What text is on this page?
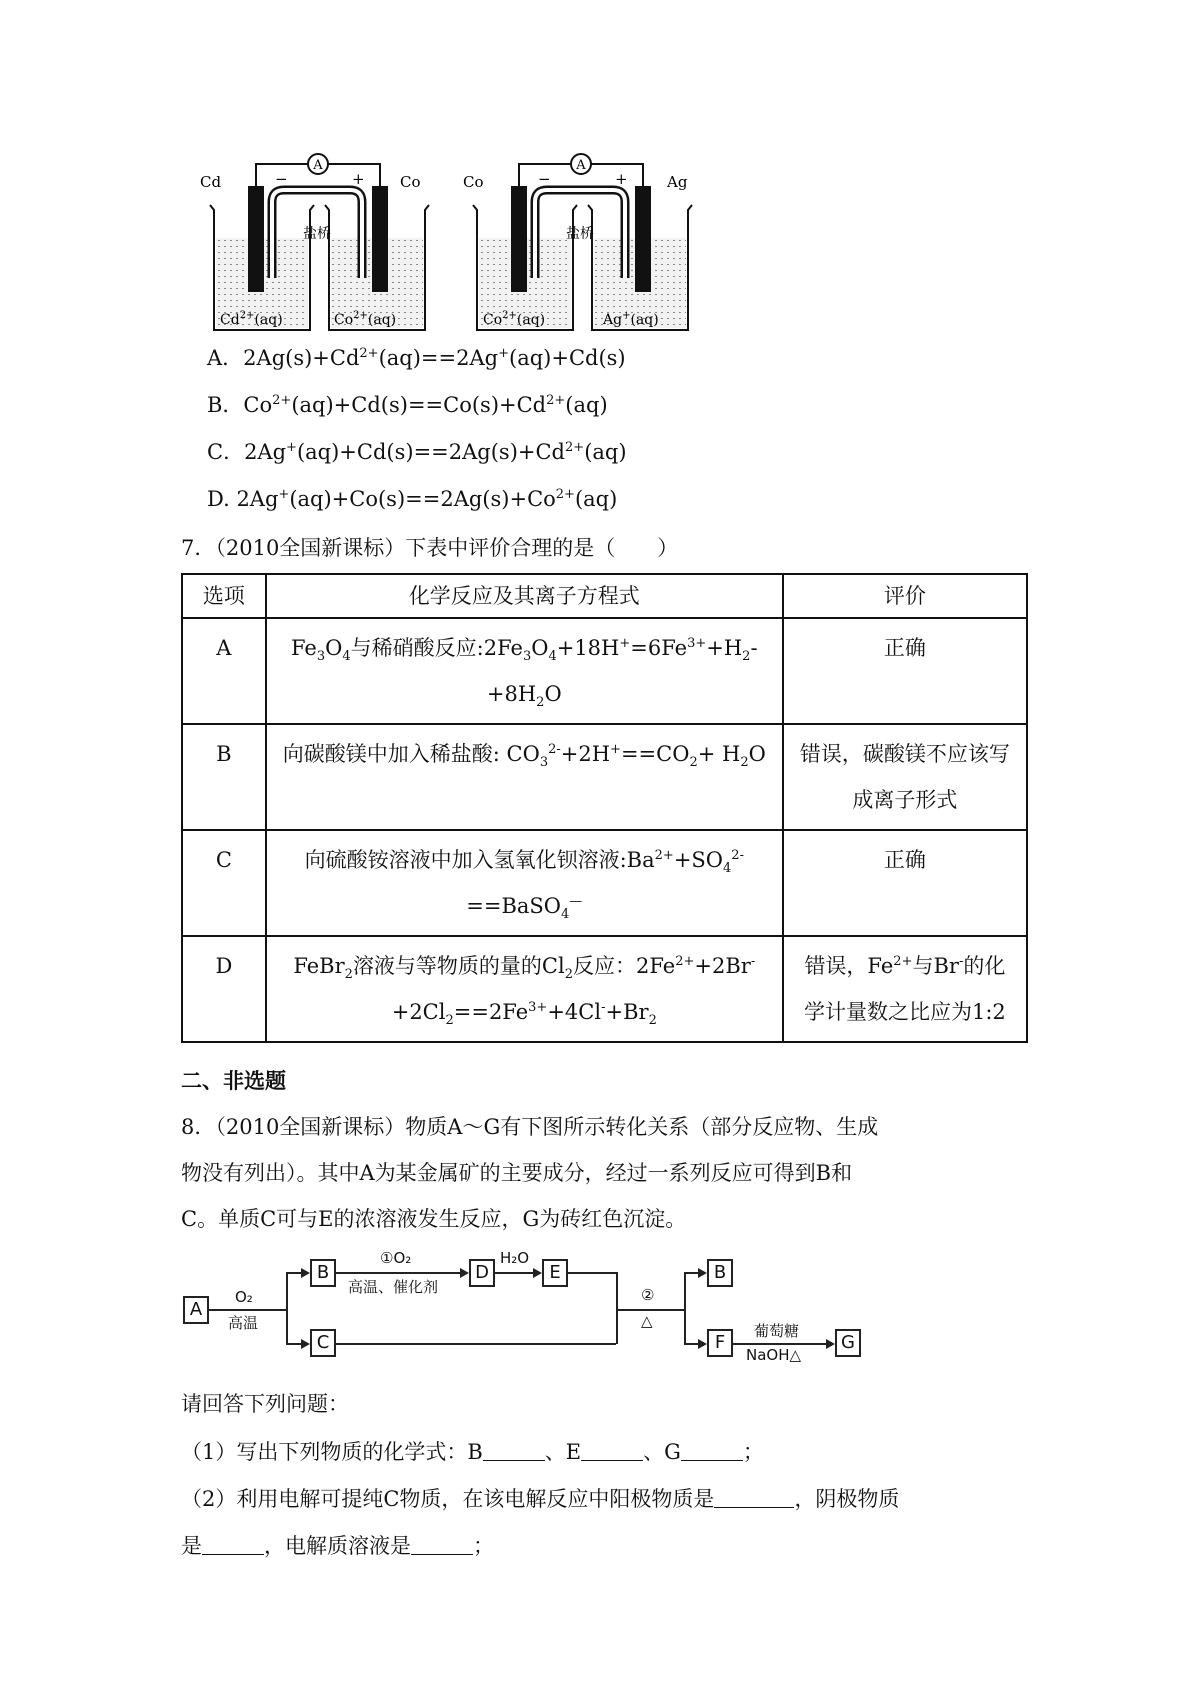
A
Cd	Co
−	+
盐桥
$Cd^{2+}(aq)$	$Co^{2+}(aq)$
A
Co	Ag
−	+
盐桥
$Co^{2+}(aq)$	Ag+(aq)
A．$2Ag(s)+Cd^{2+}(aq)==2Ag^+(aq)+Cd(s)$
B．$Co^{2+}(aq)+Cd(s)==Co(s)+Cd^{2+}(aq)$
C．$2Ag^+(aq)+Cd(s)==2Ag(s)+Cd^{2+}(aq)$
D. $2Ag^+(aq)+Co(s)==2Ag(s)+Co^{2+}(aq)$
7．（2010全国新课标）下表中评价合理的是（　　）
选项	化学反应及其离子方程式	评价

A	$Fe_3O_4$与稀硝酸反应$:2Fe_3O_4+18H^+=6Fe^{3+}+H_2-$
$+8H_2O$	正确

B	向碳酸镁中加入稀盐酸: $CO_3^{2-}+2H^+==CO_2+ H_2O$	错误，碳酸镁不应该写成离子形式

C	向硫酸铵溶液中加入氢氧化钡溶液$:Ba^{2+}+SO_4^{2-}$
==BaSO$_4$—	正确

D	FeBr$_2$溶液与等物质的量的$Cl_2$反应：$2Fe^{2+}+2Br^-$
$+2Cl_2==2Fe^{3+}+4Cl^-+Br_2$	错误，$Fe^{2+}$与Br-的化
学计量数之比应为1:2
二、非选题
8．（2010全国新课标）物质A～G有下图所示转化关系（部分反应物、生成
物没有列出）。其中A为某金属矿的主要成分，经过一系列反应可得到B和
C。单质C可与E的浓溶液发生反应，G为砖红色沉淀。
A
B
C
D	E	B
F	G
O₂
高温
①O₂
高温、催化剂
H₂O
②
△
葡萄糖
NaOH△
请回答下列问题：
（1）写出下列物质的化学式：B	、E	、G	；
（2）利用电解可提纯C物质，在该电解反应中阳极物质是	，阴极物质
是	，电解质溶液是	；
